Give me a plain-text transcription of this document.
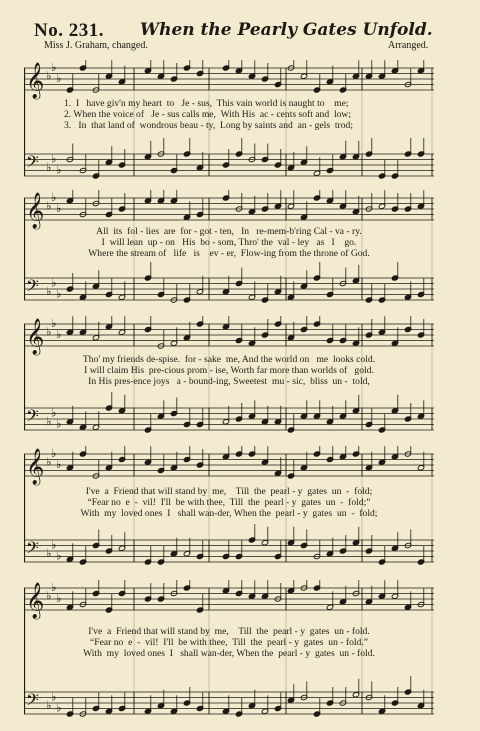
No. 231. When the Pearly Gates Unfold.
Miss J. Graham, changed.	Arranged.
𝄞 ♭
♭
♭
𝄢 ♭
♭
♭
1.  I   have giv'n my heart  to   Je - sus,  This vain world is naught to    me;
2. When the voice of   Je - sus calls me,  With His  ac - cents soft and  low;
3.   In  that land of  wondrous beau - ty,  Long by saints and  an - gels  trod;
𝄞 ♭
♭
♭
𝄢 ♭
♭
♭
All  its  fol - lies  are  for - got - ten,   In   re-mem-b'ring Cal - va - ry.
I  will lean  up - on   His  bo - som, Thro' the  val - ley   as   I    go.
Where the stream of   life   is    ev - er,  Flow-ing from the throne of God.
𝄞 ♭
♭
♭
𝄢 ♭
♭
♭
Tho' my friends de-spise.  for - sake  me, And the world on   me  looks cold.
I will claim His  pre-cious prom - ise, Worth far more than worlds of   gold.
In His pres-ence joys   a - bound-ing, Sweetest  mu - sic,  bliss  un -  told,
𝄞 ♭
♭
♭
𝄢 ♭
♭
♭
I've  a  Friend that will stand by  me,    Till  the  pearl - y  gates  un  -  fold;
“Fear no  e  -  vil!  I'll  be with thee,  Till  the  pearl - y  gates  un  -  fold;”
With  my  loved ones  I   shall wan-der, When the  pearl - y  gates  un  -  fold;
𝄞 ♭
♭
♭
𝄢 ♭
♭
♭
I've  a  Friend that will stand by  me,    Till  the  pearl - y  gates  un - fold.
“Fear no  e  -  vil!  I'll  be with thee,  Till  the  pearl - y  gates  un - fold.”
With  my  loved ones  I   shall wan-der, When the  pearl - y  gates  un - fold.
